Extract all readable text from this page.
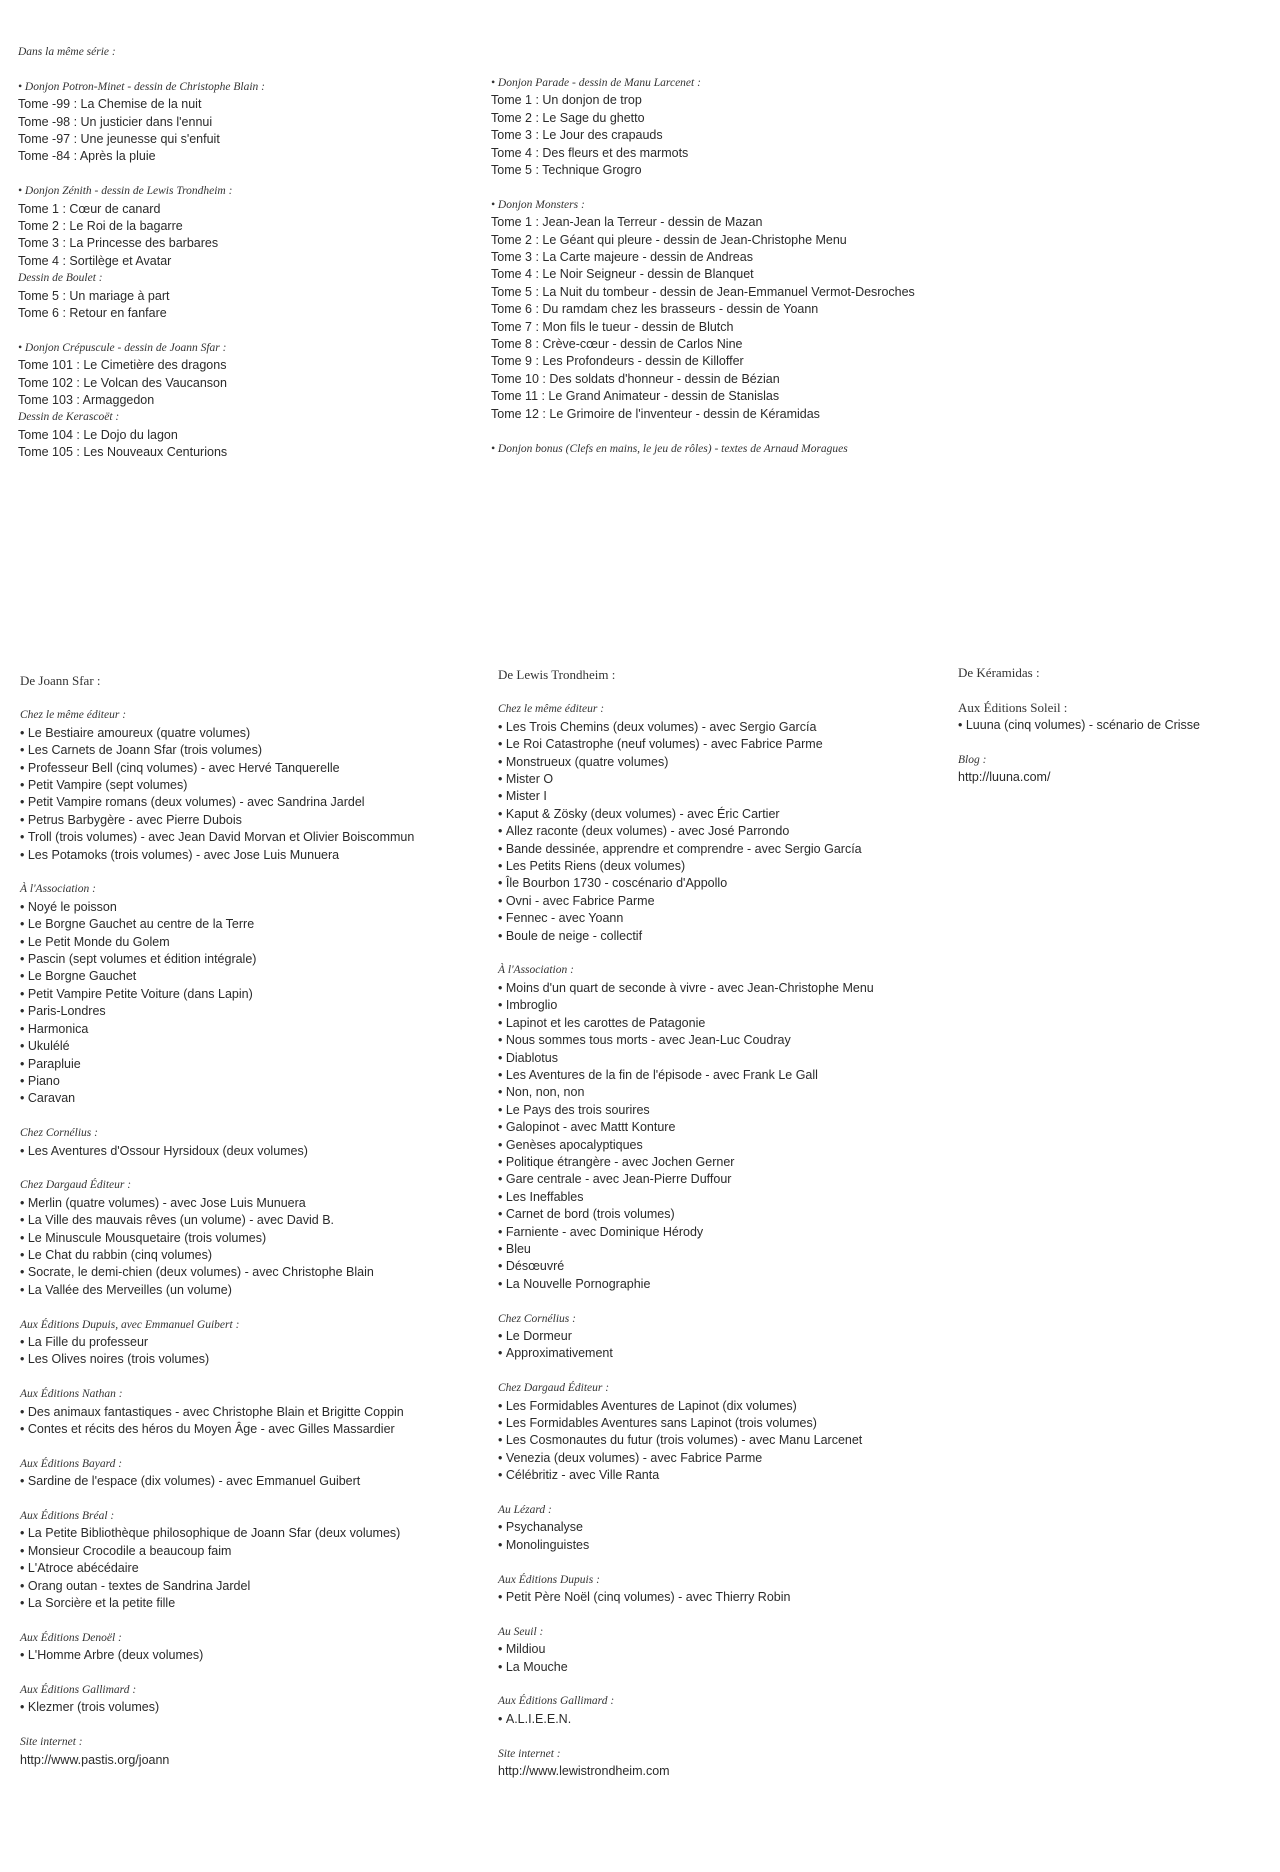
Dans la même série :
• Donjon Potron-Minet - dessin de Christophe Blain :
Tome -99 : La Chemise de la nuit
Tome -98 : Un justicier dans l'ennui
Tome -97 : Une jeunesse qui s'enfuit
Tome -84 : Après la pluie
• Donjon Zénith - dessin de Lewis Trondheim :
Tome 1 : Cœur de canard
Tome 2 : Le Roi de la bagarre
Tome 3 : La Princesse des barbares
Tome 4 : Sortilège et Avatar
Dessin de Boulet :
Tome 5 : Un mariage à part
Tome 6 : Retour en fanfare
• Donjon Crépuscule - dessin de Joann Sfar :
Tome 101 : Le Cimetière des dragons
Tome 102 : Le Volcan des Vaucanson
Tome 103 : Armaggedon
Dessin de Kerascoët :
Tome 104 : Le Dojo du lagon
Tome 105 : Les Nouveaux Centurions
• Donjon Parade - dessin de Manu Larcenet :
Tome 1 : Un donjon de trop
Tome 2 : Le Sage du ghetto
Tome 3 : Le Jour des crapauds
Tome 4 : Des fleurs et des marmots
Tome 5 : Technique Grogro
• Donjon Monsters :
Tome 1 : Jean-Jean la Terreur - dessin de Mazan
Tome 2 : Le Géant qui pleure - dessin de Jean-Christophe Menu
Tome 3 : La Carte majeure - dessin de Andreas
Tome 4 : Le Noir Seigneur - dessin de Blanquet
Tome 5 : La Nuit du tombeur - dessin de Jean-Emmanuel Vermot-Desroches
Tome 6 : Du ramdam chez les brasseurs - dessin de Yoann
Tome 7 : Mon fils le tueur - dessin de Blutch
Tome 8 : Crève-cœur - dessin de Carlos Nine
Tome 9 : Les Profondeurs - dessin de Killoffer
Tome 10 : Des soldats d'honneur - dessin de Bézian
Tome 11 : Le Grand Animateur - dessin de Stanislas
Tome 12 : Le Grimoire de l'inventeur - dessin de Kéramidas
• Donjon bonus (Clefs en mains, le jeu de rôles) - textes de Arnaud Moragues
De Joann Sfar :
Chez le même éditeur :
• Le Bestiaire amoureux (quatre volumes)
• Les Carnets de Joann Sfar (trois volumes)
• Professeur Bell (cinq volumes) - avec Hervé Tanquerelle
• Petit Vampire (sept volumes)
• Petit Vampire romans (deux volumes) - avec Sandrina Jardel
• Petrus Barbygère - avec Pierre Dubois
• Troll (trois volumes) - avec Jean David Morvan et Olivier Boiscommun
• Les Potamoks (trois volumes) - avec Jose Luis Munuera
À l'Association :
• Noyé le poisson
• Le Borgne Gauchet au centre de la Terre
• Le Petit Monde du Golem
• Pascin (sept volumes et édition intégrale)
• Le Borgne Gauchet
• Petit Vampire Petite Voiture (dans Lapin)
• Paris-Londres
• Harmonica
• Ukulélé
• Parapluie
• Piano
• Caravan
Chez Cornélius :
• Les Aventures d'Ossour Hyrsidoux (deux volumes)
Chez Dargaud Éditeur :
• Merlin (quatre volumes) - avec Jose Luis Munuera
• La Ville des mauvais rêves (un volume) - avec David B.
• Le Minuscule Mousquetaire (trois volumes)
• Le Chat du rabbin (cinq volumes)
• Socrate, le demi-chien (deux volumes) - avec Christophe Blain
• La Vallée des Merveilles (un volume)
Aux Éditions Dupuis, avec Emmanuel Guibert :
• La Fille du professeur
• Les Olives noires (trois volumes)
Aux Éditions Nathan :
• Des animaux fantastiques - avec Christophe Blain et Brigitte Coppin
• Contes et récits des héros du Moyen Âge - avec Gilles Massardier
Aux Éditions Bayard :
• Sardine de l'espace (dix volumes) - avec Emmanuel Guibert
Aux Éditions Bréal :
• La Petite Bibliothèque philosophique de Joann Sfar (deux volumes)
• Monsieur Crocodile a beaucoup faim
• L'Atroce abécédaire
• Orang outan - textes de Sandrina Jardel
• La Sorcière et la petite fille
Aux Éditions Denoël :
• L'Homme Arbre (deux volumes)
Aux Éditions Gallimard :
• Klezmer (trois volumes)
Site internet :
http://www.pastis.org/joann
De Lewis Trondheim :
Chez le même éditeur :
• Les Trois Chemins (deux volumes) - avec Sergio García
• Le Roi Catastrophe (neuf volumes) - avec Fabrice Parme
• Monstrueux (quatre volumes)
• Mister O
• Mister I
• Kaput & Zösky (deux volumes) - avec Éric Cartier
• Allez raconte (deux volumes) - avec José Parrondo
• Bande dessinée, apprendre et comprendre - avec Sergio García
• Les Petits Riens (deux volumes)
• Île Bourbon 1730 - coscénario d'Appollo
• Ovni - avec Fabrice Parme
• Fennec - avec Yoann
• Boule de neige - collectif
À l'Association :
• Moins d'un quart de seconde à vivre - avec Jean-Christophe Menu
• Imbroglio
• Lapinot et les carottes de Patagonie
• Nous sommes tous morts - avec Jean-Luc Coudray
• Diablotus
• Les Aventures de la fin de l'épisode - avec Frank Le Gall
• Non, non, non
• Le Pays des trois sourires
• Galopinot - avec Mattt Konture
• Genèses apocalyptiques
• Politique étrangère - avec Jochen Gerner
• Gare centrale - avec Jean-Pierre Duffour
• Les Ineffables
• Carnet de bord (trois volumes)
• Farniente - avec Dominique Hérody
• Bleu
• Désœuvré
• La Nouvelle Pornographie
Chez Cornélius :
• Le Dormeur
• Approximativement
Chez Dargaud Éditeur :
• Les Formidables Aventures de Lapinot (dix volumes)
• Les Formidables Aventures sans Lapinot (trois volumes)
• Les Cosmonautes du futur (trois volumes) - avec Manu Larcenet
• Venezia (deux volumes) - avec Fabrice Parme
• Célébritiz - avec Ville Ranta
Au Lézard :
• Psychanalyse
• Monolinguistes
Aux Éditions Dupuis :
• Petit Père Noël (cinq volumes) - avec Thierry Robin
Au Seuil :
• Mildiou
• La Mouche
Aux Éditions Gallimard :
• A.L.I.E.E.N.
Site internet :
http://www.lewistrondheim.com
De Kéramidas :
Aux Éditions Soleil :
• Luuna (cinq volumes) - scénario de Crisse
Blog :
http://luuna.com/
